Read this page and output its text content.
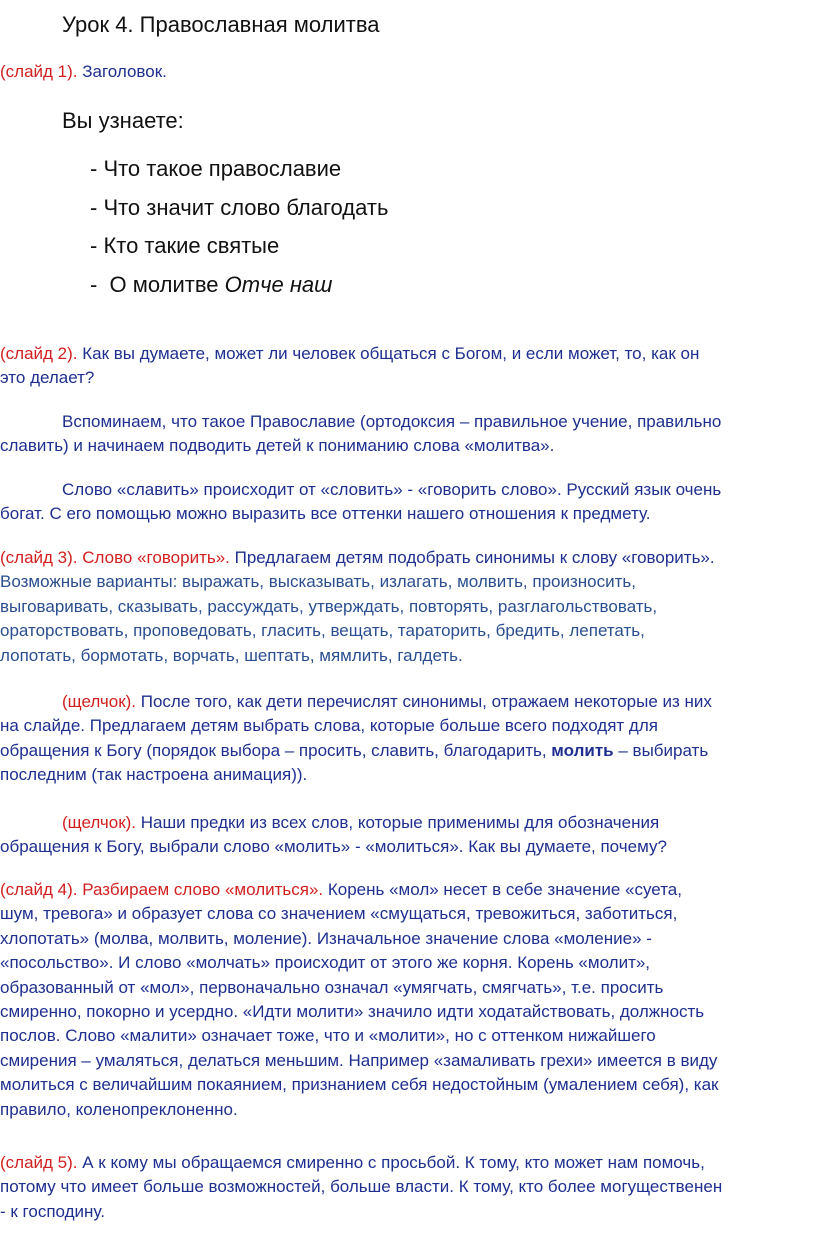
Урок 4. Православная молитва
(слайд 1). Заголовок.
Вы узнаете:
- Что такое православие
- Что значит слово благодать
- Кто такие святые
-  О молитве Отче наш
(слайд 2). Как вы думаете, может ли человек общаться с Богом, и если может, то, как он
это делает?
Вспоминаем, что такое Православие (ортодоксия – правильное учение, правильно
славить) и начинаем подводить детей к пониманию слова «молитва».
Слово «славить» происходит от «словить» - «говорить слово». Русский язык очень
богат. С его помощью можно выразить все оттенки нашего отношения к предмету.
(слайд 3). Слово «говорить». Предлагаем детям подобрать синонимы к слову «говорить».
Возможные варианты: выражать, высказывать, излагать, молвить, произносить,
выговаривать, сказывать, рассуждать, утверждать, повторять, разглагольствовать,
ораторствовать, проповедовать, гласить, вещать, тараторить, бредить, лепетать,
лопотать, бормотать, ворчать, шептать, мямлить, галдеть.
(щелчок). После того, как дети перечислят синонимы, отражаем некоторые из них
на слайде. Предлагаем детям выбрать слова, которые больше всего подходят для
обращения к Богу (порядок выбора – просить, славить, благодарить, молить – выбирать
последним (так настроена анимация)).
(щелчок). Наши предки из всех слов, которые применимы для обозначения
обращения к Богу, выбрали слово «молить» - «молиться». Как вы думаете, почему?
(слайд 4). Разбираем слово «молиться». Корень «мол» несет в себе значение «суета,
шум, тревога» и образует слова со значением «смущаться, тревожиться, заботиться,
хлопотать» (молва, молвить, моление). Изначальное значение слова «моление» -
«посольство». И слово «молчать» происходит от этого же корня. Корень «молит»,
образованный от «мол», первоначально означал «умягчать, смягчать», т.е. просить
смиренно, покорно и усердно. «Идти молити» значило идти ходатайствовать, должность
послов. Слово «малити» означает тоже, что и «молити», но с оттенком нижайшего
смирения – умаляться, делаться меньшим. Например «замаливать грехи» имеется в виду
молиться с величайшим покаянием, признанием себя недостойным (умалением себя), как
правило, коленопреклоненно.
(слайд 5). А к кому мы обращаемся смиренно с просьбой. К тому, кто может нам помочь,
потому что имеет больше возможностей, больше власти. К тому, кто более могущественен
- к господину.
